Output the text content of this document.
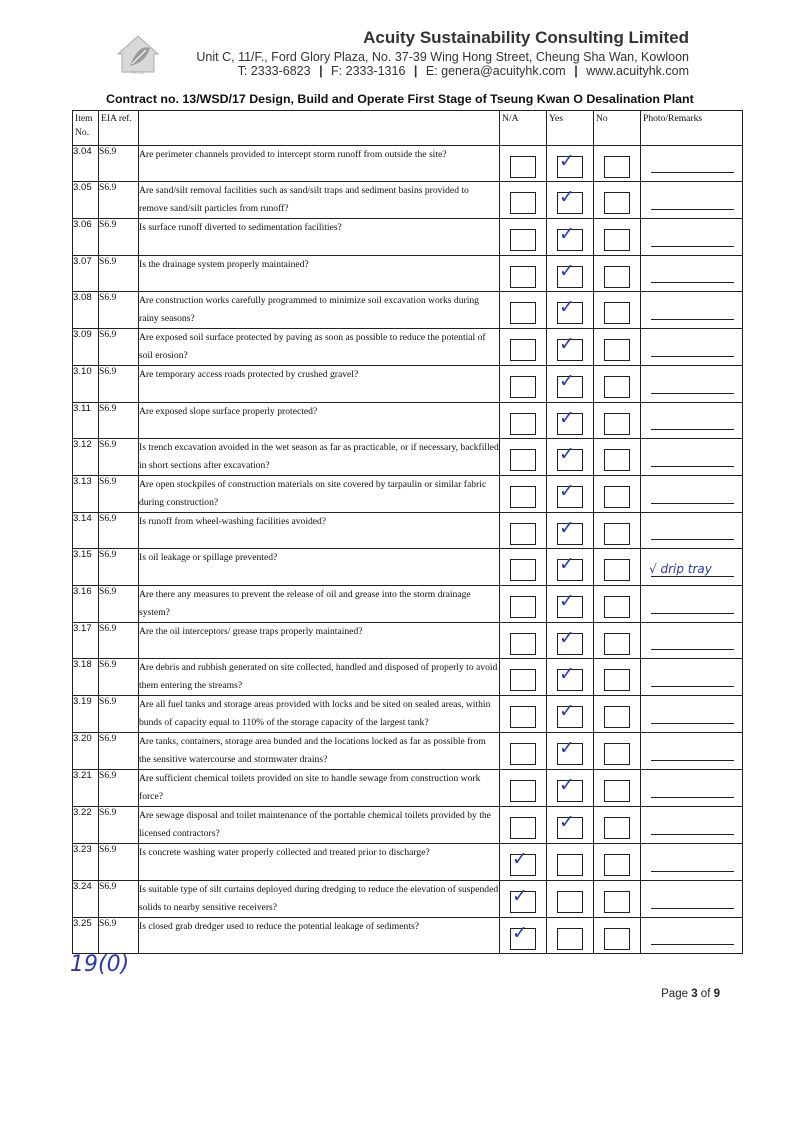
Acuity
Acuity Sustainability Consulting Limited
Unit C, 11/F., Ford Glory Plaza, No. 37-39 Wing Hong Street, Cheung Sha Wan, Kowloon
T: 2333-6823 | F: 2333-1316 | E: genera@acuityhk.com | www.acuityhk.com
Contract no. 13/WSD/17 Design, Build and Operate First Stage of Tseung Kwan O Desalination Plant
Item No.	EIA ref.		N/A	Yes	No	Photo/Remarks

3.04	S6.9	Are perimeter channels provided to intercept storm runoff from outside the site?		✓		

3.05	S6.9	Are sand/silt removal facilities such as sand/silt traps and sediment basins provided to remove sand/silt particles from runoff?		✓		

3.06	S6.9	Is surface runoff diverted to sedimentation facilities?		✓		

3.07	S6.9	Is the drainage system properly maintained?		✓		

3.08	S6.9	Are construction works carefully programmed to minimize soil excavation works during rainy seasons?		✓		

3.09	S6.9	Are exposed soil surface protected by paving as soon as possible to reduce the potential of soil erosion?		✓		

3.10	S6.9	Are temporary access roads protected by crushed gravel?		✓		

3.11	S6.9	Are exposed slope surface properly protected?		✓		

3.12	S6.9	Is trench excavation avoided in the wet season as far as practicable, or if necessary, backfilled in short sections after excavation?		✓		

3.13	S6.9	Are open stockpiles of construction materials on site covered by tarpaulin or similar fabric during construction?		✓		

3.14	S6.9	Is runoff from wheel-washing facilities avoided?		✓		

3.15	S6.9	Is oil leakage or spillage prevented?		✓		√ drip tray

3.16	S6.9	Are there any measures to prevent the release of oil and grease into the storm drainage system?		✓		

3.17	S6.9	Are the oil interceptors/ grease traps properly maintained?		✓		

3.18	S6.9	Are debris and rubbish generated on site collected, handled and disposed of properly to avoid them entering the streams?		✓		

3.19	S6.9	Are all fuel tanks and storage areas provided with locks and be sited on sealed areas, within bunds of capacity equal to 110% of the storage capacity of the largest tank?		✓		

3.20	S6.9	Are tanks, containers, storage area bunded and the locations locked as far as possible from the sensitive watercourse and stormwater drains?		✓		

3.21	S6.9	Are sufficient chemical toilets provided on site to handle sewage from construction work force?		✓		

3.22	S6.9	Are sewage disposal and toilet maintenance of the portable chemical toilets provided by the licensed contractors?		✓		

3.23	S6.9	Is concrete washing water properly collected and treated prior to discharge?	✓			

3.24	S6.9	Is suitable type of silt curtains deployed during dredging to reduce the elevation of suspended solids to nearby sensitive receivers?	✓			

3.25	S6.9	Is closed grab dredger used to reduce the potential leakage of sediments?	✓			

19(0)
Page 3 of 9
